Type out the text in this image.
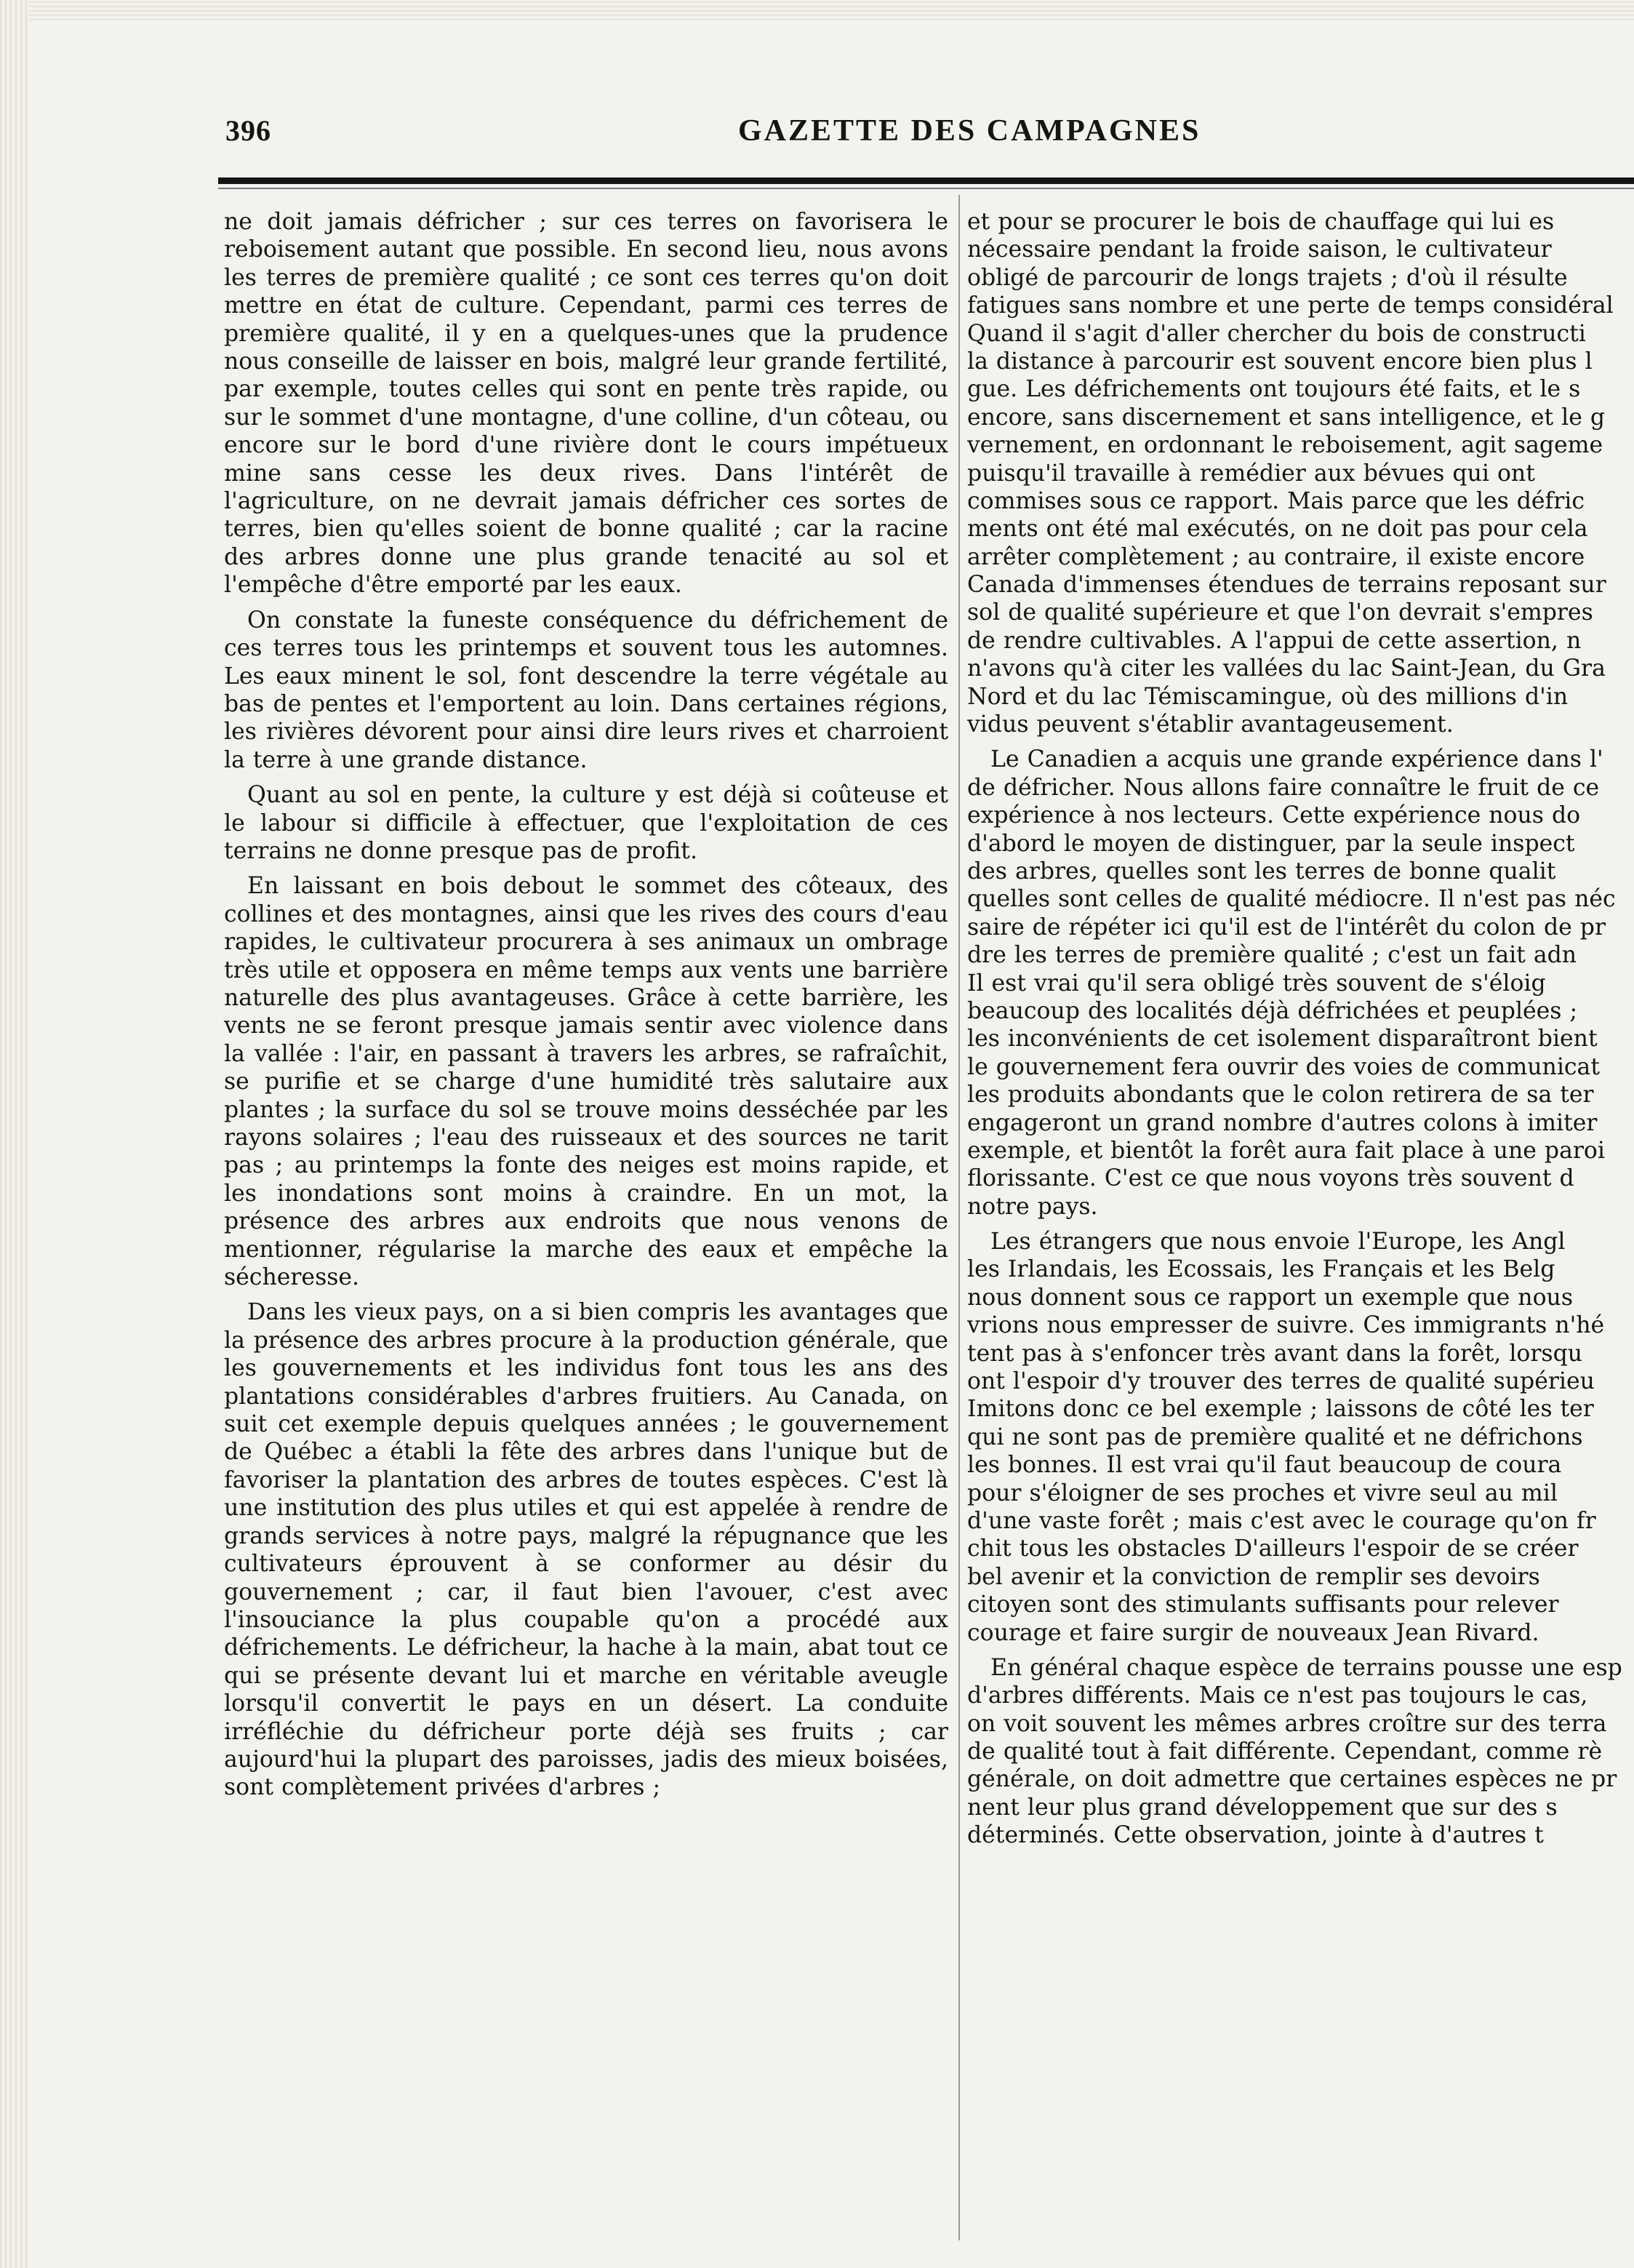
396	GAZETTE DES CAMPAGNES

ne doit jamais défricher ; sur ces terres on favorisera le reboisement autant que possible. En second lieu, nous avons les terres de première qualité ; ce sont ces terres qu'on doit mettre en état de culture. Cependant, parmi ces terres de première qualité, il y en a quelques-unes que la prudence nous conseille de laisser en bois, malgré leur grande fertilité, par exemple, toutes celles qui sont en pente très rapide, ou sur le sommet d'une montagne, d'une colline, d'un côteau, ou encore sur le bord d'une rivière dont le cours impétueux mine sans cesse les deux rives. Dans l'intérêt de l'agriculture, on ne devrait jamais défricher ces sortes de terres, bien qu'elles soient de bonne qualité ; car la racine des arbres donne une plus grande tenacité au sol et l'empêche d'être emporté par les eaux.

On constate la funeste conséquence du défrichement de ces terres tous les printemps et souvent tous les automnes. Les eaux minent le sol, font descendre la terre végétale au bas de pentes et l'emportent au loin. Dans certaines régions, les rivières dévorent pour ainsi dire leurs rives et charroient la terre à une grande distance.

Quant au sol en pente, la culture y est déjà si coûteuse et le labour si difficile à effectuer, que l'exploitation de ces terrains ne donne presque pas de profit.

En laissant en bois debout le sommet des côteaux, des collines et des montagnes, ainsi que les rives des cours d'eau rapides, le cultivateur procurera à ses animaux un ombrage très utile et opposera en même temps aux vents une barrière naturelle des plus avantageuses. Grâce à cette barrière, les vents ne se feront presque jamais sentir avec violence dans la vallée : l'air, en passant à travers les arbres, se rafraîchit, se purifie et se charge d'une humidité très salutaire aux plantes ; la surface du sol se trouve moins desséchée par les rayons solaires ; l'eau des ruisseaux et des sources ne tarit pas ; au printemps la fonte des neiges est moins rapide, et les inondations sont moins à craindre. En un mot, la présence des arbres aux endroits que nous venons de mentionner, régularise la marche des eaux et empêche la sécheresse.

Dans les vieux pays, on a si bien compris les avantages que la présence des arbres procure à la production générale, que les gouvernements et les individus font tous les ans des plantations considérables d'arbres fruitiers. Au Canada, on suit cet exemple depuis quelques années ; le gouvernement de Québec a établi la fête des arbres dans l'unique but de favoriser la plantation des arbres de toutes espèces. C'est là une institution des plus utiles et qui est appelée à rendre de grands services à notre pays, malgré la répugnance que les cultivateurs éprouvent à se conformer au désir du gouvernement ; car, il faut bien l'avouer, c'est avec l'insouciance la plus coupable qu'on a procédé aux défrichements. Le défricheur, la hache à la main, abat tout ce qui se présente devant lui et marche en véritable aveugle lorsqu'il convertit le pays en un désert. La conduite irréfléchie du défricheur porte déjà ses fruits ; car aujourd'hui la plupart des paroisses, jadis des mieux boisées, sont complètement privées d'arbres ;

et pour se procurer le bois de chauffage qui lui es
nécessaire pendant la froide saison, le cultivateur
obligé de parcourir de longs trajets ; d'où il résulte
fatigues sans nombre et une perte de temps considéral
Quand il s'agit d'aller chercher du bois de constructi
la distance à parcourir est souvent encore bien plus l
gue. Les défrichements ont toujours été faits, et le s
encore, sans discernement et sans intelligence, et le g
vernement, en ordonnant le reboisement, agit sageme
puisqu'il travaille à remédier aux bévues qui ont
commises sous ce rapport. Mais parce que les défric
ments ont été mal exécutés, on ne doit pas pour cela
arrêter complètement ; au contraire, il existe encore
Canada d'immenses étendues de terrains reposant sur
sol de qualité supérieure et que l'on devrait s'empres
de rendre cultivables. A l'appui de cette assertion, n
n'avons qu'à citer les vallées du lac Saint-Jean, du Gra
Nord et du lac Témiscamingue, où des millions d'in
vidus peuvent s'établir avantageusement.
Le Canadien a acquis une grande expérience dans l'
de défricher. Nous allons faire connaître le fruit de ce
expérience à nos lecteurs. Cette expérience nous do
d'abord le moyen de distinguer, par la seule inspect
des arbres, quelles sont les terres de bonne qualit
quelles sont celles de qualité médiocre. Il n'est pas néc
saire de répéter ici qu'il est de l'intérêt du colon de pr
dre les terres de première qualité ; c'est un fait adn
Il est vrai qu'il sera obligé très souvent de s'éloig
beaucoup des localités déjà défrichées et peuplées ;
les inconvénients de cet isolement disparaîtront bient
le gouvernement fera ouvrir des voies de communicat
les produits abondants que le colon retirera de sa ter
engageront un grand nombre d'autres colons à imiter
exemple, et bientôt la forêt aura fait place à une paroi
florissante. C'est ce que nous voyons très souvent d
notre pays.
Les étrangers que nous envoie l'Europe, les Angl
les Irlandais, les Ecossais, les Français et les Belg
nous donnent sous ce rapport un exemple que nous
vrions nous empresser de suivre. Ces immigrants n'hé
tent pas à s'enfoncer très avant dans la forêt, lorsqu
ont l'espoir d'y trouver des terres de qualité supérieu
Imitons donc ce bel exemple ; laissons de côté les ter
qui ne sont pas de première qualité et ne défrichons
les bonnes. Il est vrai qu'il faut beaucoup de coura
pour s'éloigner de ses proches et vivre seul au mil
d'une vaste forêt ; mais c'est avec le courage qu'on fr
chit tous les obstacles D'ailleurs l'espoir de se créer
bel avenir et la conviction de remplir ses devoirs
citoyen sont des stimulants suffisants pour relever
courage et faire surgir de nouveaux Jean Rivard.
En général chaque espèce de terrains pousse une esp
d'arbres différents. Mais ce n'est pas toujours le cas,
on voit souvent les mêmes arbres croître sur des terra
de qualité tout à fait différente. Cependant, comme rè
générale, on doit admettre que certaines espèces ne pr
nent leur plus grand développement que sur des s
déterminés. Cette observation, jointe à d'autres t
